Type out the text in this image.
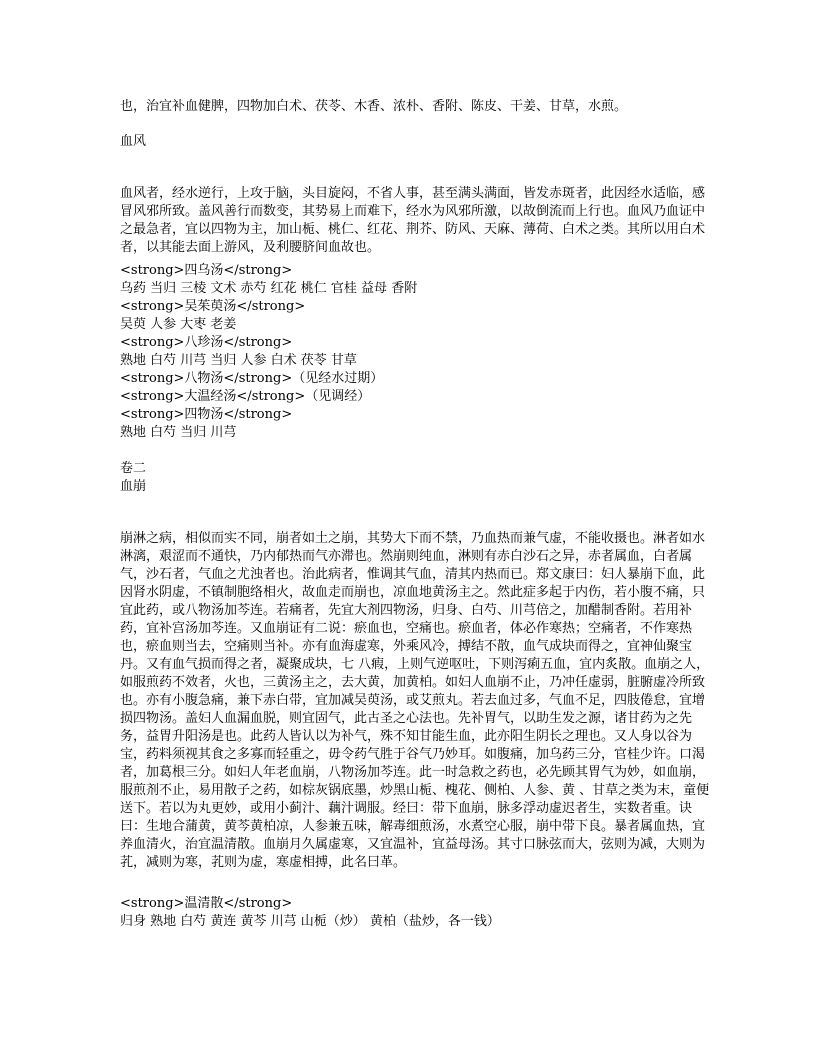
也，治宜补血健脾，四物加白术、茯苓、木香、浓朴、香附、陈皮、干姜、甘草，水煎。
血风

血风者，经水逆行，上攻于脑，头目旋闷，不省人事，甚至满头满面，皆发赤斑者，此因经水适临，感冒风邪所致。盖风善行而数变，其势易上而难下，经水为风邪所激，以故倒流而上行也。血风乃血证中之最急者，宜以四物为主，加山栀、桃仁、红花、荆芥、防风、天麻、薄荷、白术之类。其所以用白术者，以其能去面上游风，及利腰脐间血故也。

<strong>四乌汤</strong>
乌药 当归 三棱 文术 赤芍 红花 桃仁 官桂 益母 香附
<strong>吴茱萸汤</strong>
吴萸 人参 大枣 老姜
<strong>八珍汤</strong>
熟地 白芍 川芎 当归 人参 白术 茯苓 甘草
<strong>八物汤</strong>（见经水过期）
<strong>大温经汤</strong>（见调经）
<strong>四物汤</strong>
熟地 白芍 当归 川芎
卷二
血崩

崩淋之病，相似而实不同，崩者如土之崩，其势大下而不禁，乃血热而兼气虚，不能收摄也。淋者如水淋漓，艰涩而不通快，乃内郁热而气亦滞也。然崩则纯血，淋则有赤白沙石之异，赤者属血，白者属气，沙石者，气血之尤浊者也。治此病者，惟调其气血，清其内热而已。郑文康曰：妇人暴崩下血，此因肾水阴虚，不镇制胞络相火，故血走而崩也，凉血地黄汤主之。然此症多起于内伤，若小腹不痛，只宜此药，或八物汤加芩连。若痛者，先宜大剂四物汤，归身、白芍、川芎倍之，加醋制香附。若用补药，宜补宫汤加芩连。又血崩证有二说：瘀血也，空痛也。瘀血者，体必作寒热；空痛者，不作寒热也，瘀血则当去，空痛则当补。亦有血海虚寒，外乘风冷，搏结不散，血气成块而得之，宜神仙聚宝丹。又有血气损而得之者，凝聚成块，七 八瘕，上则气逆呕吐，下则泻痢五血，宜内炙散。血崩之人，如服煎药不效者，火也，三黄汤主之，去大黄，加黄柏。如妇人血崩不止，乃冲任虚弱，脏腑虚冷所致也。亦有小腹急痛，兼下赤白带，宜加减吴萸汤，或艾煎丸。若去血过多，气血不足，四肢倦怠，宜增损四物汤。盖妇人血漏血脱，则宜固气，此古圣之心法也。先补胃气，以助生发之源，诸甘药为之先务，益胃升阳汤是也。此药人皆认以为补气，殊不知甘能生血，此亦阳生阴长之理也。又人身以谷为宝，药料须视其食之多寡而轻重之，毋令药气胜于谷气乃妙耳。如腹痛，加乌药三分，官桂少许。口渴者，加葛根三分。如妇人年老血崩，八物汤加芩连。此一时急救之药也，必先顾其胃气为妙，如血崩，服煎剂不止，易用散子之药，如棕灰锅底墨，炒黑山栀、槐花、侧柏、人参、黄 、甘草之类为末，童便送下。若以为丸更妙，或用小蓟汁、藕汁调服。经曰：带下血崩，脉多浮动虚迟者生，实数者重。诀曰：生地合蒲黄，黄芩黄柏凉，人参兼五味，解毒细煎汤，水煮空心服，崩中带下良。暴者属血热，宜养血清火，治宜温清散。血崩月久属虚寒，又宜温补，宜益母汤。其寸口脉弦而大，弦则为减，大则为芤，减则为寒，芤则为虚，寒虚相搏，此名曰革。

<strong>温清散</strong>
归身 熟地 白芍 黄连 黄芩 川芎 山栀（炒） 黄柏（盐炒，各一钱）
